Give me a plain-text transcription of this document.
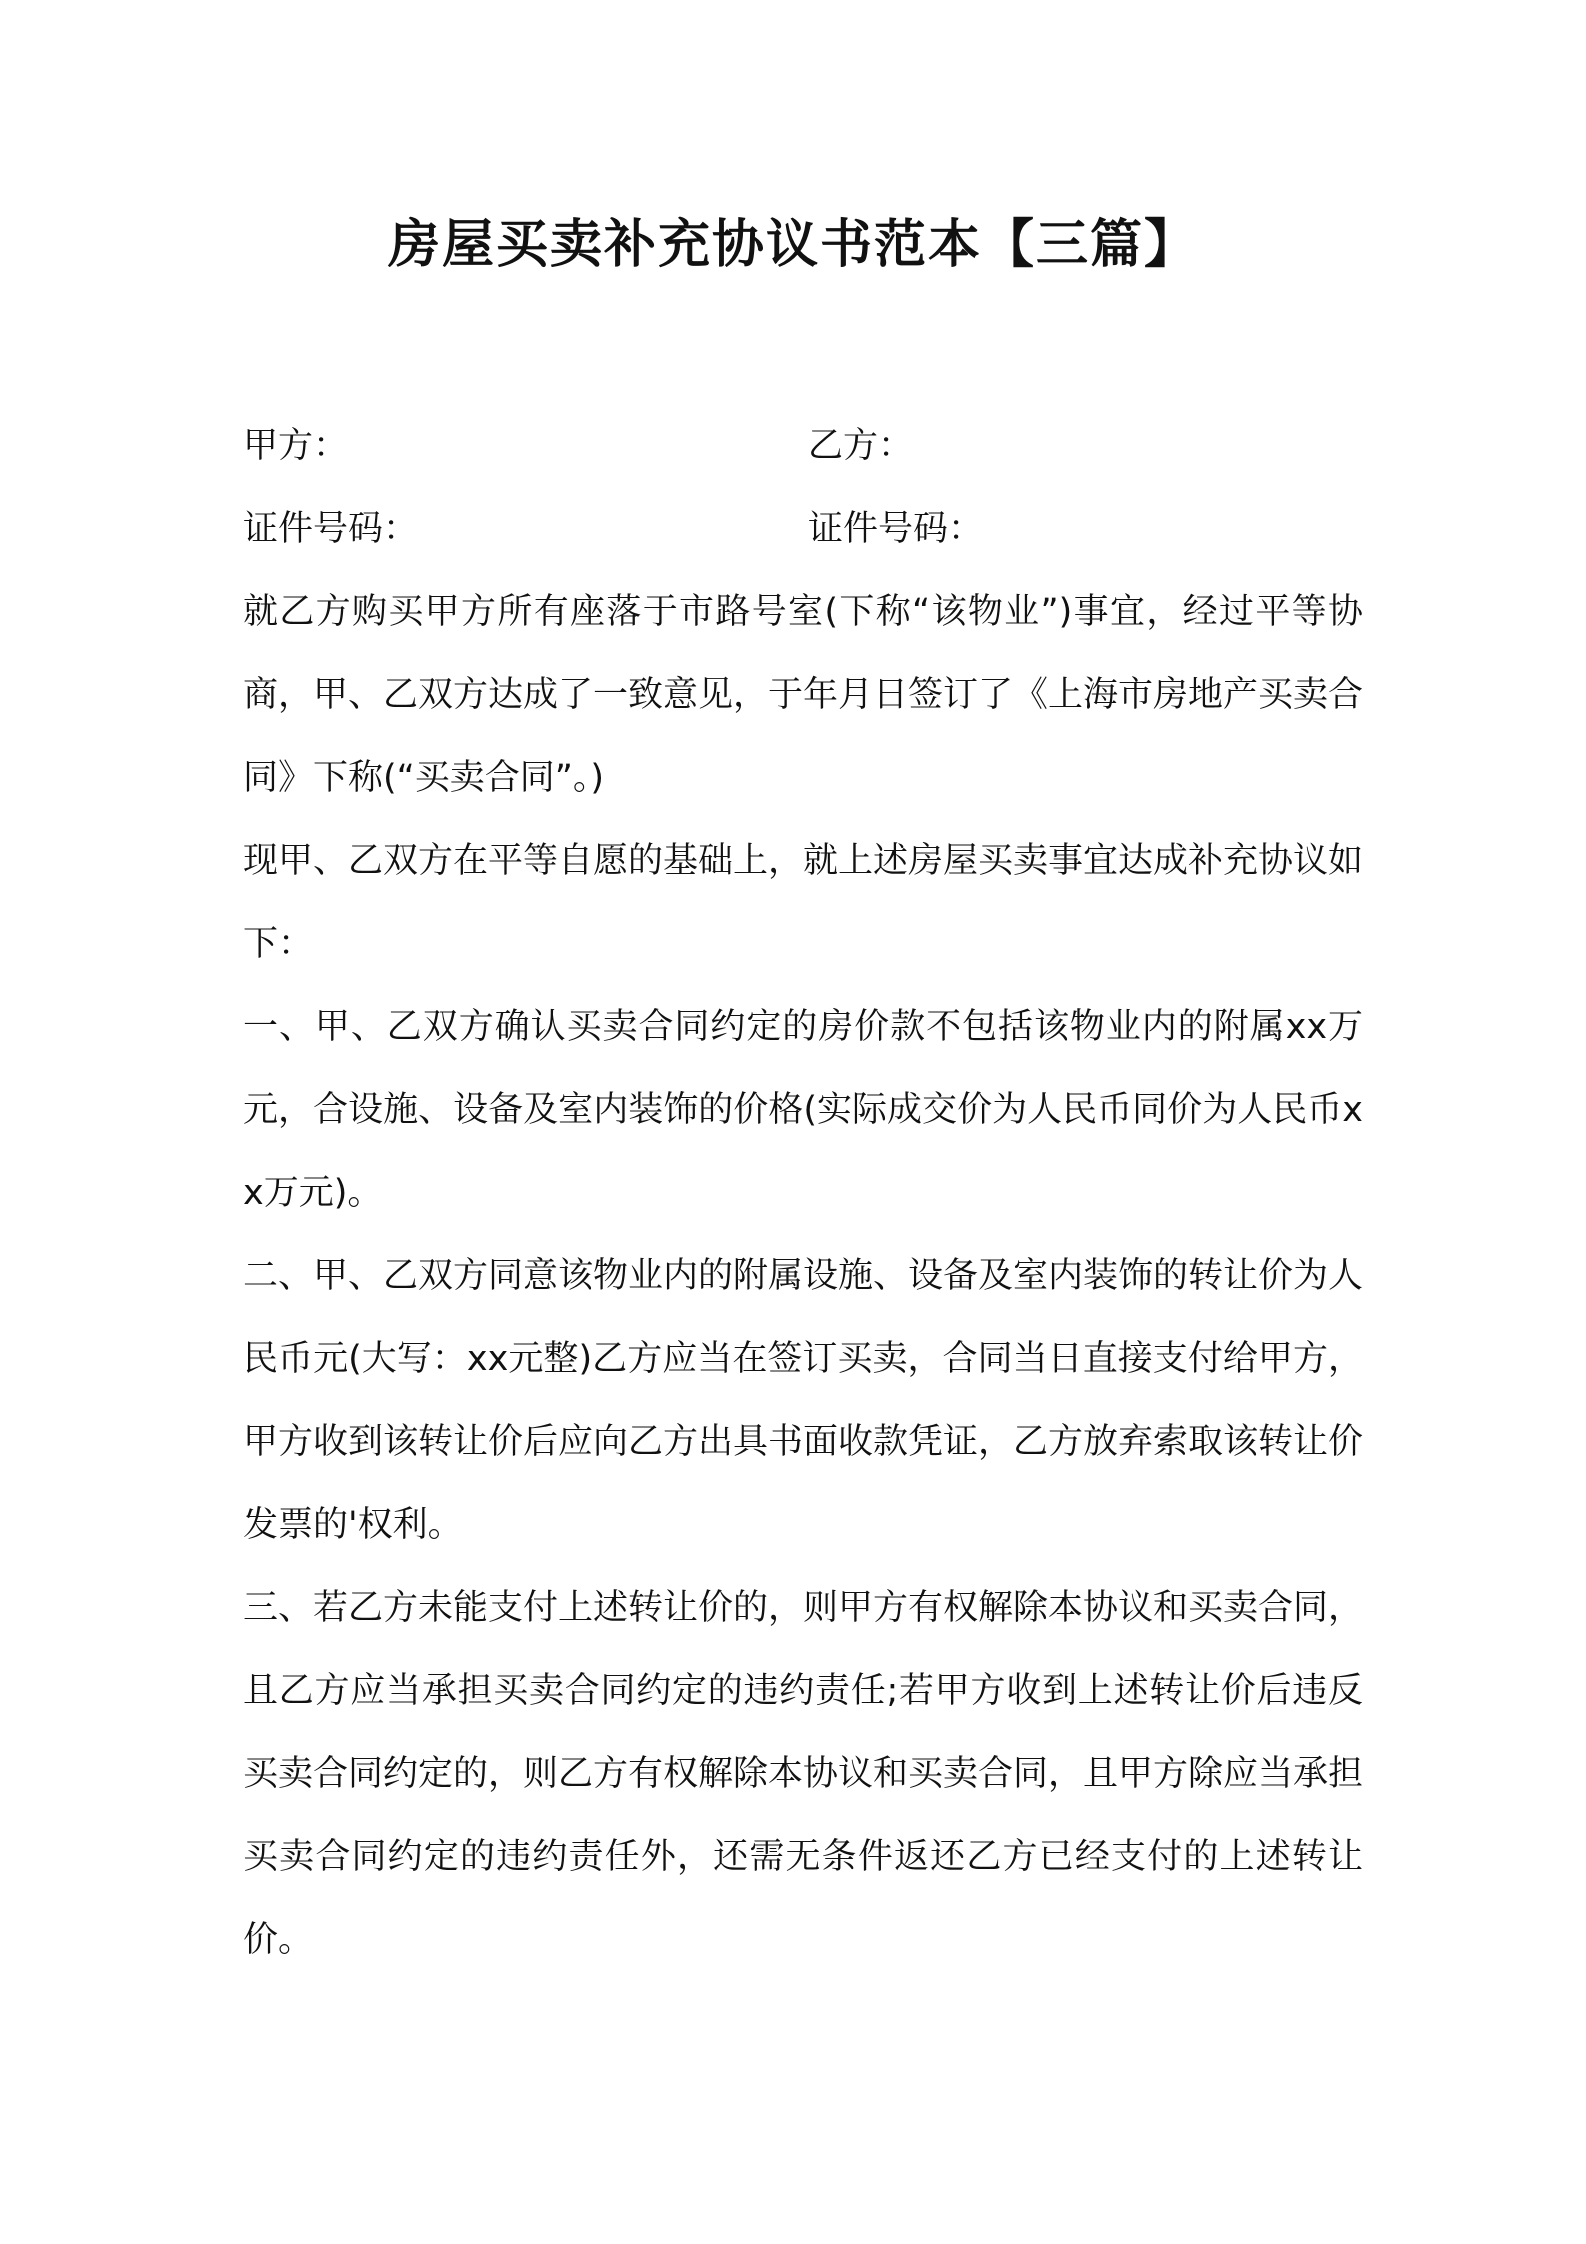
房屋买卖补充协议书范本【三篇】
甲方：	乙方：
证件号码：	证件号码：

就乙方购买甲方所有座落于市路号室(下称“该物业”)事宜，经过平等协商，甲、乙双方达成了一致意见，于年月日签订了《上海市房地产买卖合同》下称(“买卖合同”。)

现甲、乙双方在平等自愿的基础上，就上述房屋买卖事宜达成补充协议如下：

一、甲、乙双方确认买卖合同约定的房价款不包括该物业内的附属xx万元，合设施、设备及室内装饰的价格(实际成交价为人民币同价为人民币xx万元)。

二、甲、乙双方同意该物业内的附属设施、设备及室内装饰的转让价为人民币元(大写：xx元整)乙方应当在签订买卖，合同当日直接支付给甲方，甲方收到该转让价后应向乙方出具书面收款凭证，乙方放弃索取该转让价发票的'权利。

三、若乙方未能支付上述转让价的，则甲方有权解除本协议和买卖合同，且乙方应当承担买卖合同约定的违约责任;若甲方收到上述转让价后违反买卖合同约定的，则乙方有权解除本协议和买卖合同，且甲方除应当承担买卖合同约定的违约责任外，还需无条件返还乙方已经支付的上述转让价。
